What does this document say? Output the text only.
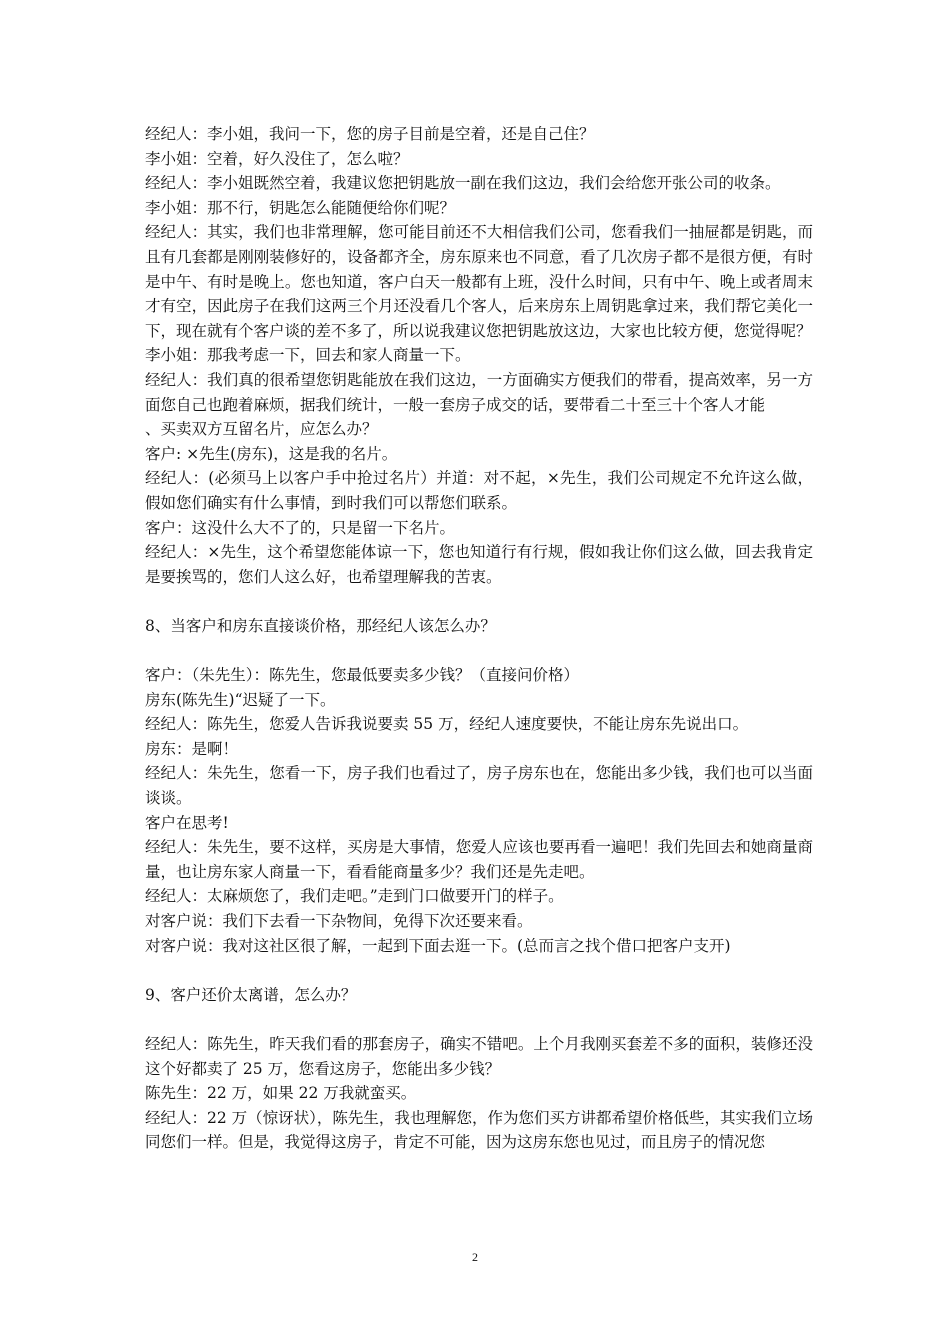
经纪人：李小姐，我问一下，您的房子目前是空着，还是自己住？

李小姐：空着，好久没住了，怎么啦？

经纪人：李小姐既然空着，我建议您把钥匙放一副在我们这边，我们会给您开张公司的收条。

李小姐：那不行，钥匙怎么能随便给你们呢？

经纪人：其实，我们也非常理解，您可能目前还不大相信我们公司，您看我们一抽屉都是钥匙，而且有几套都是刚刚装修好的，设备都齐全，房东原来也不同意，看了几次房子都不是很方便，有时是中午、有时是晚上。您也知道，客户白天一般都有上班，没什么时间，只有中午、晚上或者周末才有空，因此房子在我们这两三个月还没看几个客人，后来房东上周钥匙拿过来，我们帮它美化一下，现在就有个客户谈的差不多了，所以说我建议您把钥匙放这边，大家也比较方便，您觉得呢？

李小姐：那我考虑一下，回去和家人商量一下。

经纪人：我们真的很希望您钥匙能放在我们这边，一方面确实方便我们的带看，提高效率，另一方面您自己也跑着麻烦，据我们统计，一般一套房子成交的话，要带看二十至三十个客人才能

、买卖双方互留名片，应怎么办？

客户: ×先生(房东)，这是我的名片。

经纪人：(必须马上以客户手中抢过名片）并道：对不起，×先生，我们公司规定不允许这么做，假如您们确实有什么事情，到时我们可以帮您们联系。

客户：这没什么大不了的，只是留一下名片。

经纪人：×先生，这个希望您能体谅一下，您也知道行有行规，假如我让你们这么做，回去我肯定是要挨骂的，您们人这么好，也希望理解我的苦衷。

8、当客户和房东直接谈价格，那经纪人该怎么办？

客户：（朱先生）：陈先生，您最低要卖多少钱？（直接问价格）

房东(陈先生)“迟疑了一下。

经纪人：陈先生，您爱人告诉我说要卖 55 万，经纪人速度要快，不能让房东先说出口。

房东：是啊！

经纪人：朱先生，您看一下，房子我们也看过了，房子房东也在，您能出多少钱，我们也可以当面谈谈。

客户在思考!

经纪人：朱先生，要不这样，买房是大事情，您爱人应该也要再看一遍吧！我们先回去和她商量商量，也让房东家人商量一下，看看能商量多少？我们还是先走吧。

经纪人：太麻烦您了，我们走吧。”走到门口做要开门的样子。

对客户说：我们下去看一下杂物间，免得下次还要来看。

对客户说：我对这社区很了解，一起到下面去逛一下。(总而言之找个借口把客户支开)

9、客户还价太离谱，怎么办？

经纪人：陈先生，昨天我们看的那套房子，确实不错吧。上个月我刚买套差不多的面积，装修还没这个好都卖了 25 万，您看这房子，您能出多少钱？

陈先生：22 万，如果 22 万我就蛮买。

经纪人：22 万（惊讶状），陈先生，我也理解您，作为您们买方讲都希望价格低些，其实我们立场同您们一样。但是，我觉得这房子，肯定不可能，因为这房东您也见过，而且房子的情况您

2
